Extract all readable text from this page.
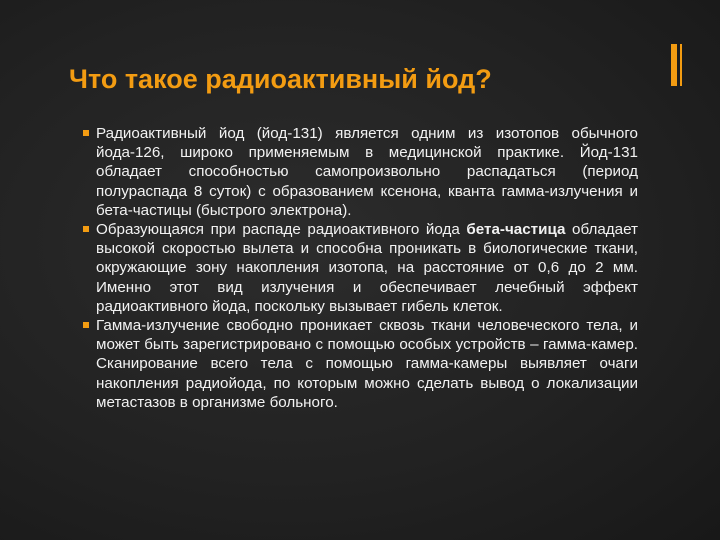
Что такое радиоактивный йод?
Радиоактивный йод (йод-131) является одним из изотопов обычного йода-126, широко применяемым в медицинской практике. Йод-131 обладает способностью самопроизвольно распадаться (период полураспада 8 суток) с образованием ксенона, кванта гамма-излучения и бета-частицы (быстрого электрона).
Образующаяся при распаде радиоактивного йода бета-частица обладает высокой скоростью вылета и способна проникать в биологические ткани, окружающие зону накопления изотопа, на расстояние от 0,6 до 2 мм. Именно этот вид излучения и обеспечивает лечебный эффект радиоактивного йода, поскольку вызывает гибель клеток.
Гамма-излучение свободно проникает сквозь ткани человеческого тела, и может быть зарегистрировано с помощью особых устройств – гамма-камер. Сканирование всего тела с помощью гамма-камеры выявляет очаги накопления радиойода, по которым можно сделать вывод о локализации метастазов в организме больного.
